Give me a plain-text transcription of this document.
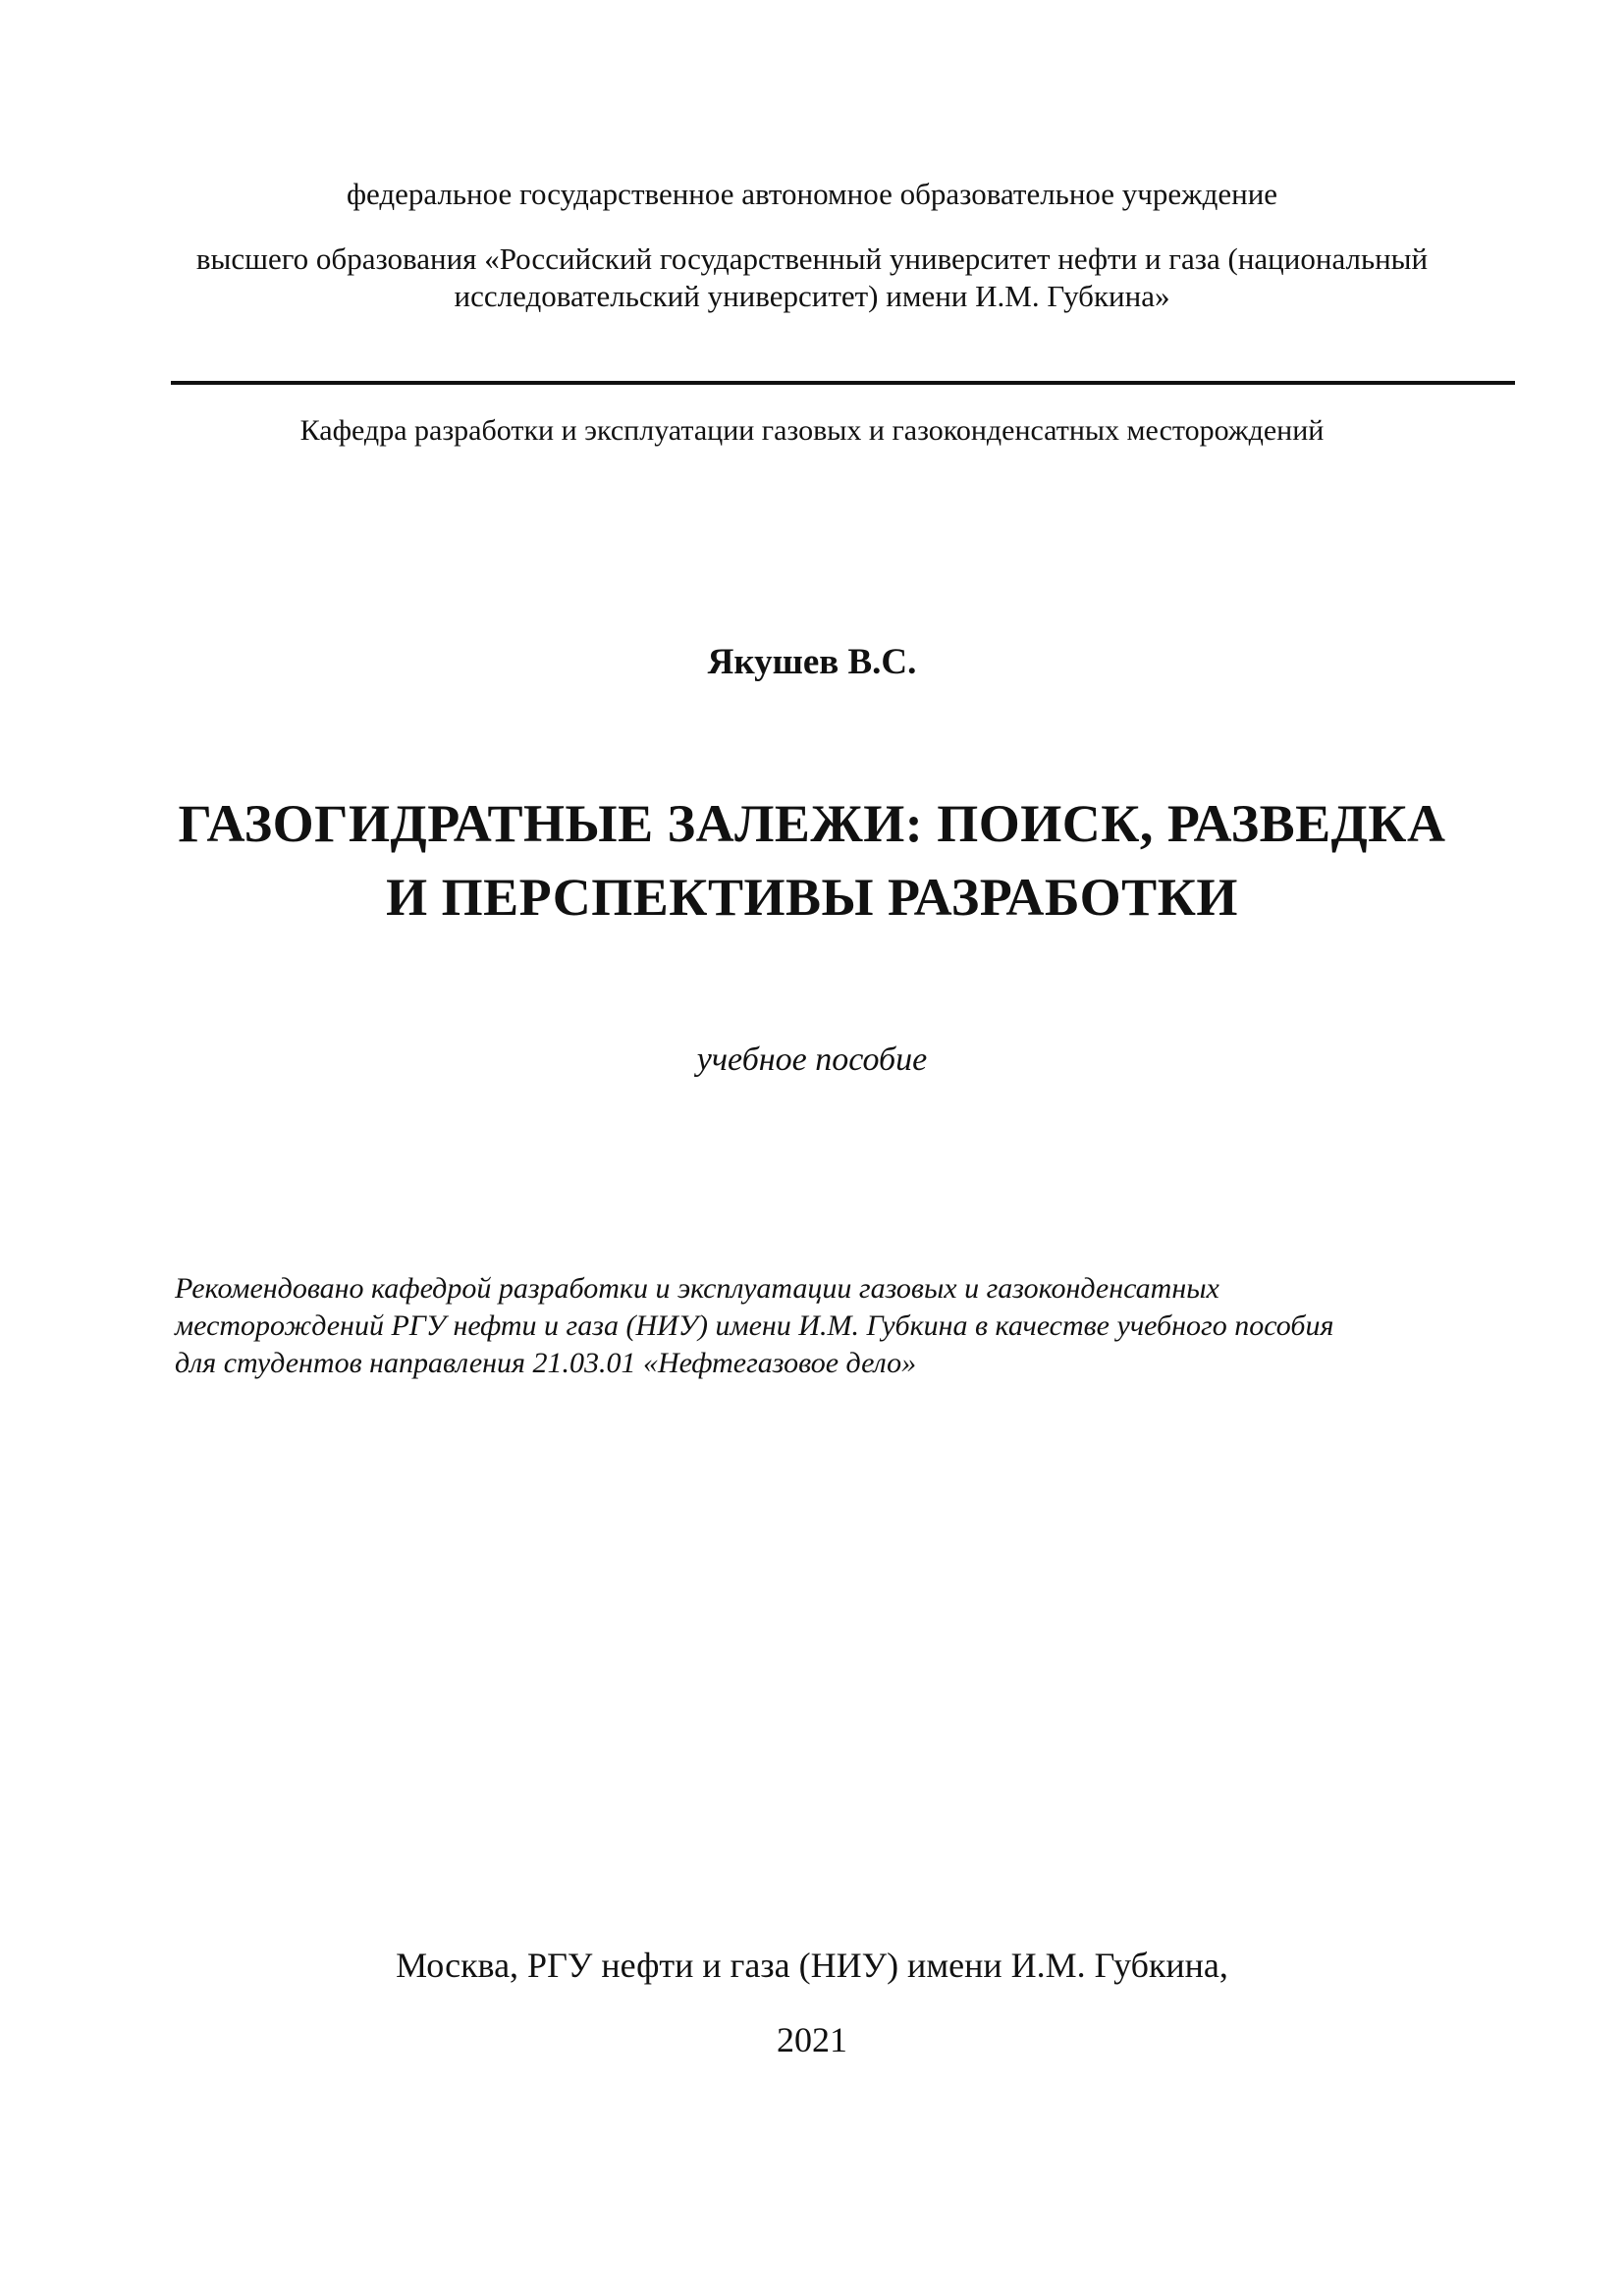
федеральное государственное автономное образовательное учреждение
высшего образования «Российский государственный университет нефти и газа (национальный
исследовательский университет) имени И.М. Губкина»
Кафедра разработки и эксплуатации газовых и газоконденсатных месторождений
Якушев В.С.
ГАЗОГИДРАТНЫЕ ЗАЛЕЖИ: ПОИСК, РАЗВЕДКА
И ПЕРСПЕКТИВЫ РАЗРАБОТКИ
учебное пособие
Рекомендовано кафедрой разработки и эксплуатации газовых и газоконденсатных
месторождений РГУ нефти и газа (НИУ) имени И.М. Губкина в качестве учебного пособия
для студентов направления 21.03.01 «Нефтегазовое дело»
Москва, РГУ нефти и газа (НИУ) имени И.М. Губкина,
2021
